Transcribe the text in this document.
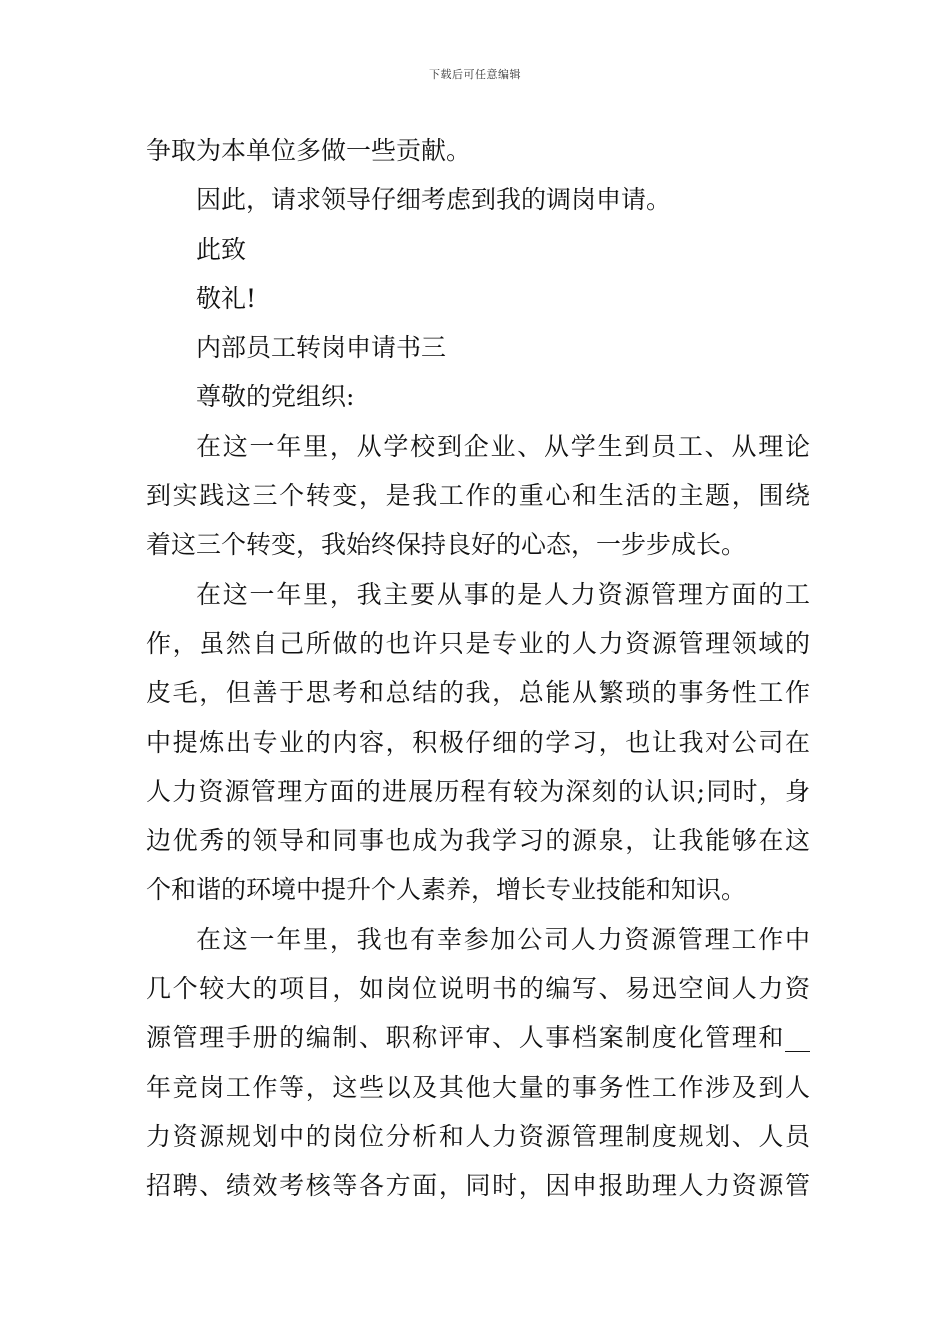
下载后可任意编辑
争取为本单位多做一些贡献。
因此，请求领导仔细考虑到我的调岗申请。
此致
敬礼!
内部员工转岗申请书三
尊敬的党组织:
在这一年里，从学校到企业、从学生到员工、从理论
到实践这三个转变，是我工作的重心和生活的主题，围绕
着这三个转变，我始终保持良好的心态，一步步成长。
在这一年里，我主要从事的是人力资源管理方面的工
作，虽然自己所做的也许只是专业的人力资源管理领域的
皮毛，但善于思考和总结的我，总能从繁琐的事务性工作
中提炼出专业的内容，积极仔细的学习，也让我对公司在
人力资源管理方面的进展历程有较为深刻的认识;同时，身
边优秀的领导和同事也成为我学习的源泉，让我能够在这
个和谐的环境中提升个人素养，增长专业技能和知识。
在这一年里，我也有幸参加公司人力资源管理工作中
几个较大的项目，如岗位说明书的编写、易迅空间人力资
源管理手册的编制、职称评审、人事档案制度化管理和__
年竞岗工作等，这些以及其他大量的事务性工作涉及到人
力资源规划中的岗位分析和人力资源管理制度规划、人员
招聘、绩效考核等各方面，同时，因申报助理人力资源管
